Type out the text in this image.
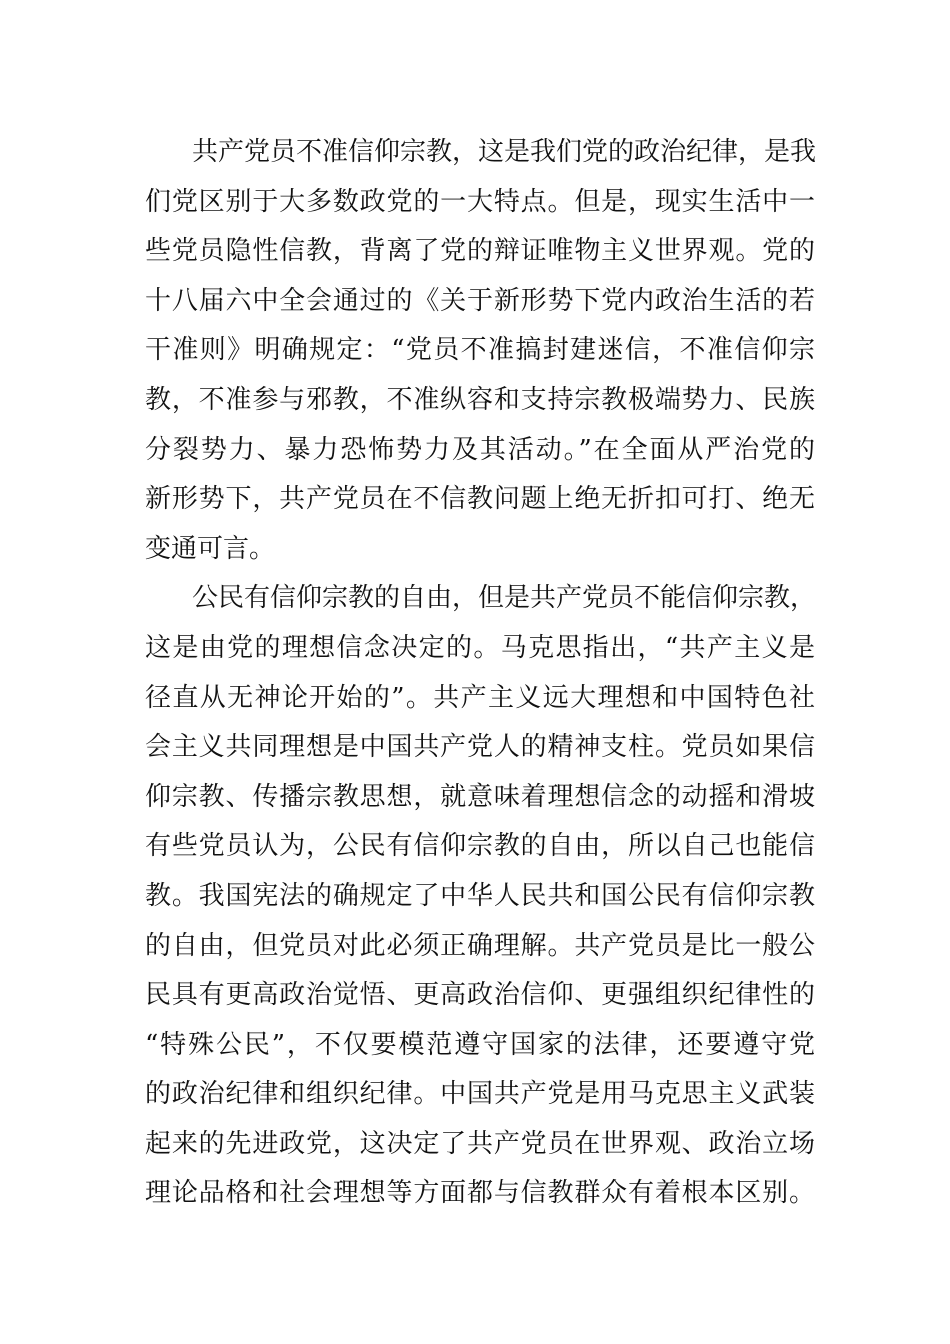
共产党员不准信仰宗教，这是我们党的政治纪律，是我
们党区别于大多数政党的一大特点。但是，现实生活中一
些党员隐性信教，背离了党的辩证唯物主义世界观。党的
十八届六中全会通过的《关于新形势下党内政治生活的若
干准则》明确规定：“党员不准搞封建迷信，不准信仰宗
教，不准参与邪教，不准纵容和支持宗教极端势力、民族
分裂势力、暴力恐怖势力及其活动。”在全面从严治党的
新形势下，共产党员在不信教问题上绝无折扣可打、绝无
变通可言。
公民有信仰宗教的自由，但是共产党员不能信仰宗教，
这是由党的理想信念决定的。马克思指出，“共产主义是
径直从无神论开始的”。共产主义远大理想和中国特色社
会主义共同理想是中国共产党人的精神支柱。党员如果信
仰宗教、传播宗教思想，就意味着理想信念的动摇和滑坡
有些党员认为，公民有信仰宗教的自由，所以自己也能信
教。我国宪法的确规定了中华人民共和国公民有信仰宗教
的自由，但党员对此必须正确理解。共产党员是比一般公
民具有更高政治觉悟、更高政治信仰、更强组织纪律性的
“特殊公民”，不仅要模范遵守国家的法律，还要遵守党
的政治纪律和组织纪律。中国共产党是用马克思主义武装
起来的先进政党，这决定了共产党员在世界观、政治立场
理论品格和社会理想等方面都与信教群众有着根本区别。
